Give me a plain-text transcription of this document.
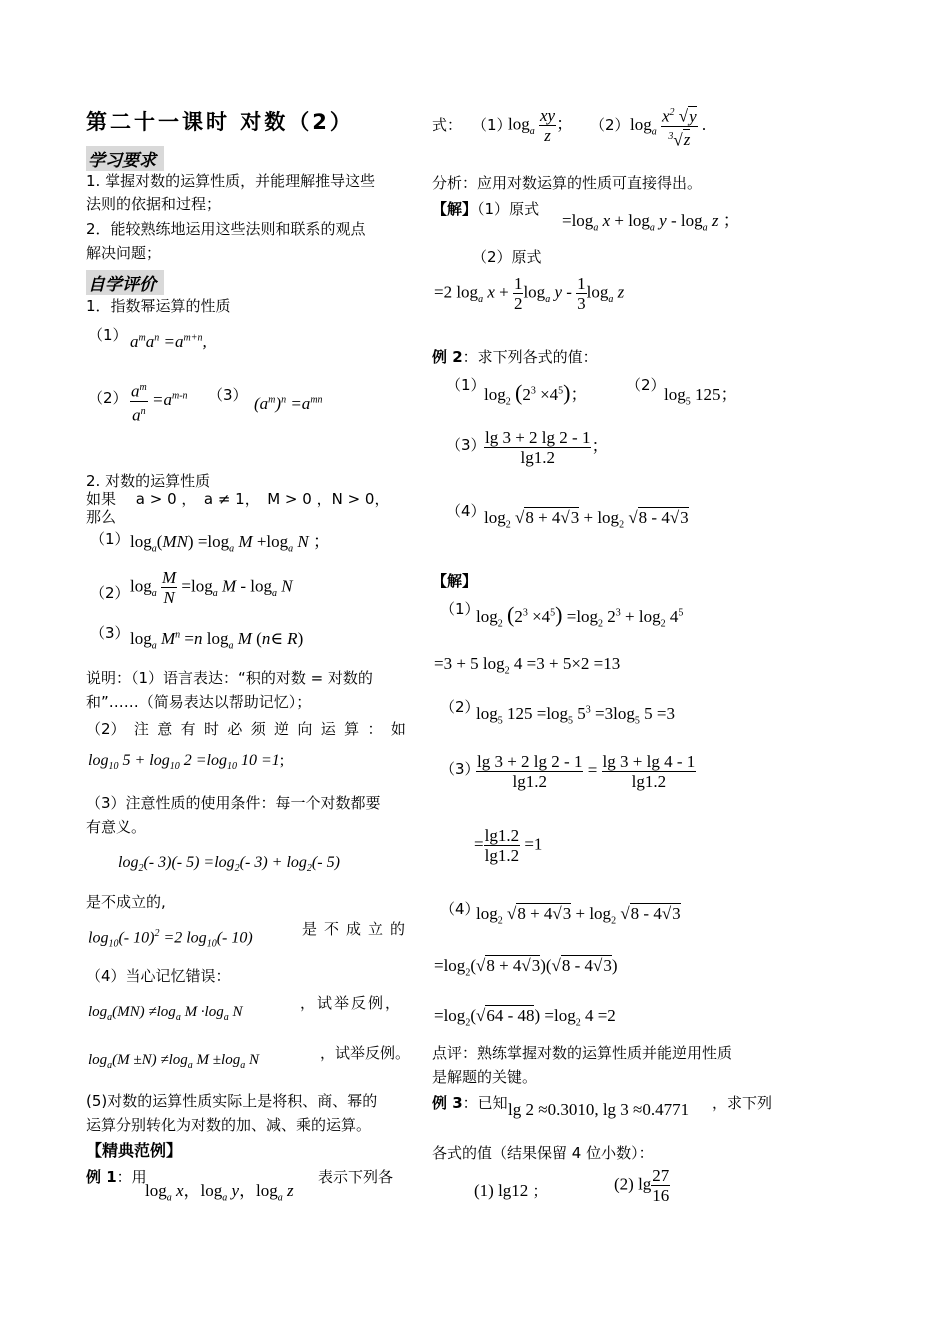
第二十一课时 对数（2）
学习要求
1. 掌握对数的运算性质，并能理解推导这些
法则的依据和过程；
2．能较熟练地运用这些法则和联系的观点
解决问题；
自学评价
1．指数幂运算的性质
（1） $a^ma^n =a^{m+n}$,
$(2) \frac{a^m}{a^n} =a^{m-n}$ （3） $(a^m)^n =a^{mn}$
2. 对数的运算性质
如果　 a > 0 ，　a ≠ 1，　M > 0 ，N > 0，
那么
（1） $\log_a(MN) =\log_a$ $M +\log_a$ N ；
（2） $\log_a \frac{M}{N} =\log_a$ M - $\log_a N$
（3） $\log_a M^n =n$ $\log_a M$ (n∈ R)
说明：（1）语言表达：“积的对数 = 对数的
和”……（简易表达以帮助记忆）；
（2） 注 意 有 时 必 须 逆 向 运 算 ： 如
$\log_{10} 5 + \log_{10} 2 =\log_{10}$ 10 =1;
（3）注意性质的使用条件：每一个对数都要
有意义。
$\log_2(-$ 3)(- $5) =\log_2(-$ $3) + \log_2(-$ 5)
是不成立的,
$\log_{10}(-$ 10)$^2$ =2 $\log_{10}(-$ 10)	是不成立的
（4）当心记忆错误：
$\log_a(MN) \ne\log_a$ $M \cdot\log_a$ N	，试举反例，
$\log_a(M \pm N) \ne\log_a$ $M \pm\log_a$ N	，试举反例。
(5)对数的运算性质实际上是将积、商、幂的
运算分别转化为对数的加、减、乘的运算。
【精典范例】
例 1：用
$\log_a x$，$\log_a y$，$\log_a z$
表示下列各
式： （1）
$\log_a \frac{xy}{z}$ ； （2） $\log_a \frac{x^2 √y}{^3√z}$ .
分析：应用对数运算的性质可直接得出。
【解】（1）原式
$=\log_a$ $x + \log_a y - \log_a z$ ；
（2）原式
=2 $\log_a x + \frac{1}{2} \log_a y - \frac{1}{3} \log_a z$
例 2：求下列各式的值：
（1）
$\log_2 (2^3 \times 4^5)$；	（2）
$\log_5 125$；
（3）
$\frac{\lg 3 + 2 \lg 2 - 1}{\lg 1.2}$ ；
（4）
$\log_2 √8 + 4√3 + \log_2 √8 - 4√3$
【解】
（1）
$\log_2 (2^3 \times 4^5) =\log_2$ $2^3 + \log_2 4^5$
=3 + 5 $\log_2 4 =3 + 5\times 2 =13$
（2）
$\log_5 125 =\log_5$ $5^3 =3\log_5$ 5 =3
（3）
$\frac{\lg 3 + 2 \lg 2 - 1}{\lg 1.2} = \frac{\lg 3 + \lg 4 - 1}{\lg 1.2}$
= $\frac{\lg 1.2}{\lg 1.2} =1$
（4）
$\log_2 √8 + 4√3 + \log_2 √8 - 4√3$
$=\log_2(√8 + 4√3)(√8 - 4√3)$
$=\log_2(√64 - 48) =\log_2$ 4 =2
点评：熟练掌握对数的运算性质并能逆用性质
是解题的关键。
例 3：已知 lg 2 ≈0.3010, lg 3 ≈0.4771 ，求下列
各式的值（结果保留 4 位小数）：
(1) lg12 ；	(2) $\lg \frac{27}{16}$
